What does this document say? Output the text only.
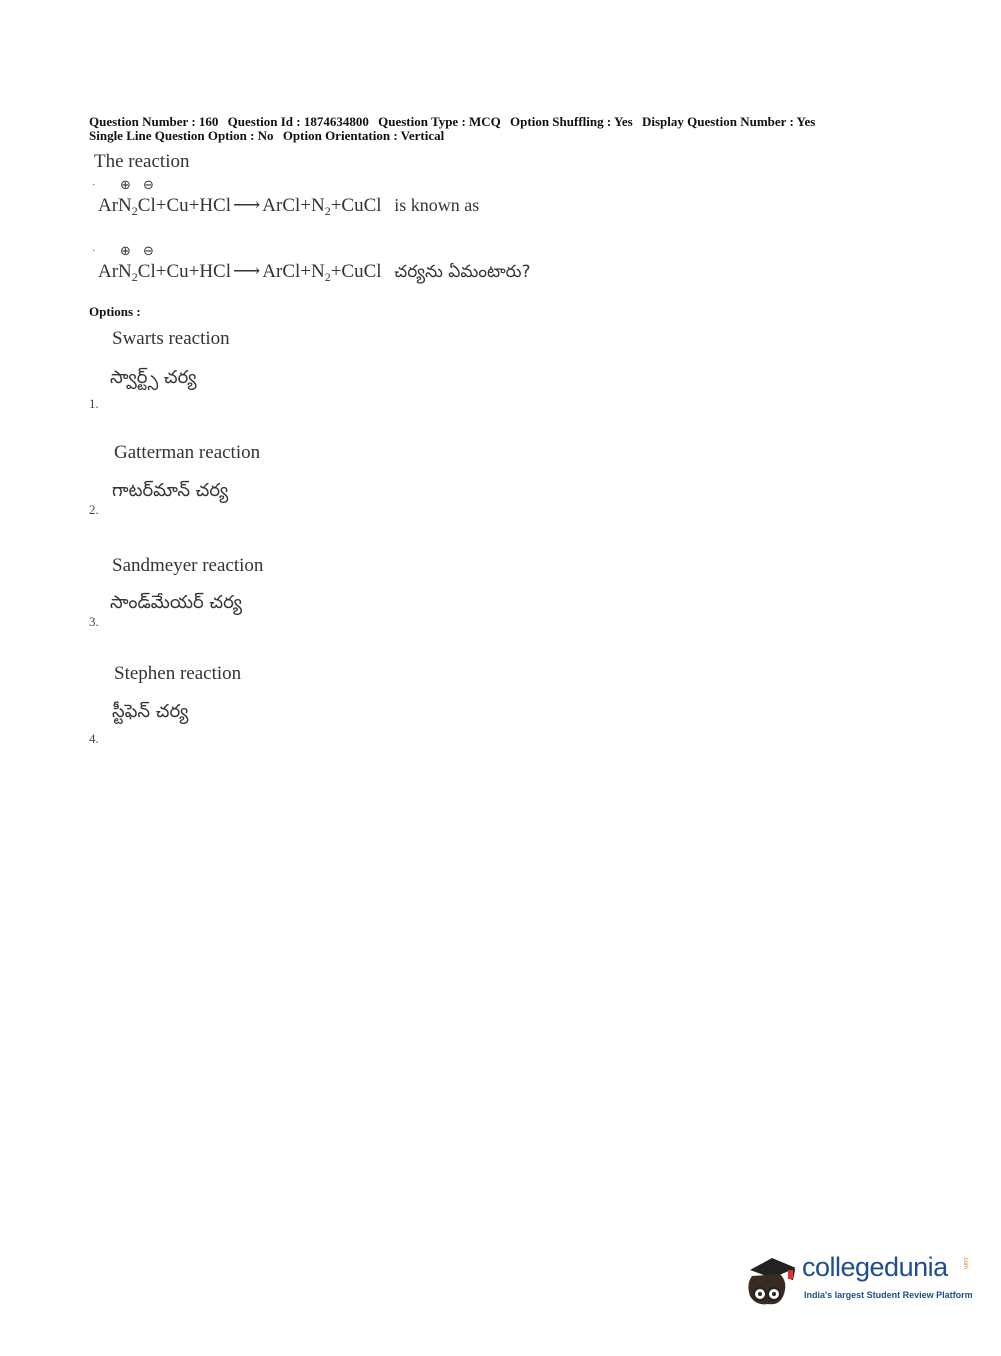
Question Number : 160 Question Id : 1874634800 Question Type : MCQ Option Shuffling : Yes Display Question Number : Yes
Single Line Question Option : No Option Orientation : Vertical
The reaction
· ⊕ ⊖
ArN$_2$Cl+Cu+HCl ⟶ $ArCl+N_2+CuCl$ is known as
· ⊕ ⊖
ArN$_2$Cl+Cu+HCl ⟶ $ArCl+N_2+CuCl$ చర్యను ఏమంటారు?
Options :
Swarts reaction
స్వార్ట్స్ చర్య
1.
Gatterman reaction
గాటర్‌మాన్ చర్య
2.
Sandmeyer reaction
సాండ్‌మేయర్ చర్య
3.
Stephen reaction
స్టీఫెన్ చర్య
4.
collegedunia .com
India's largest Student Review Platform
